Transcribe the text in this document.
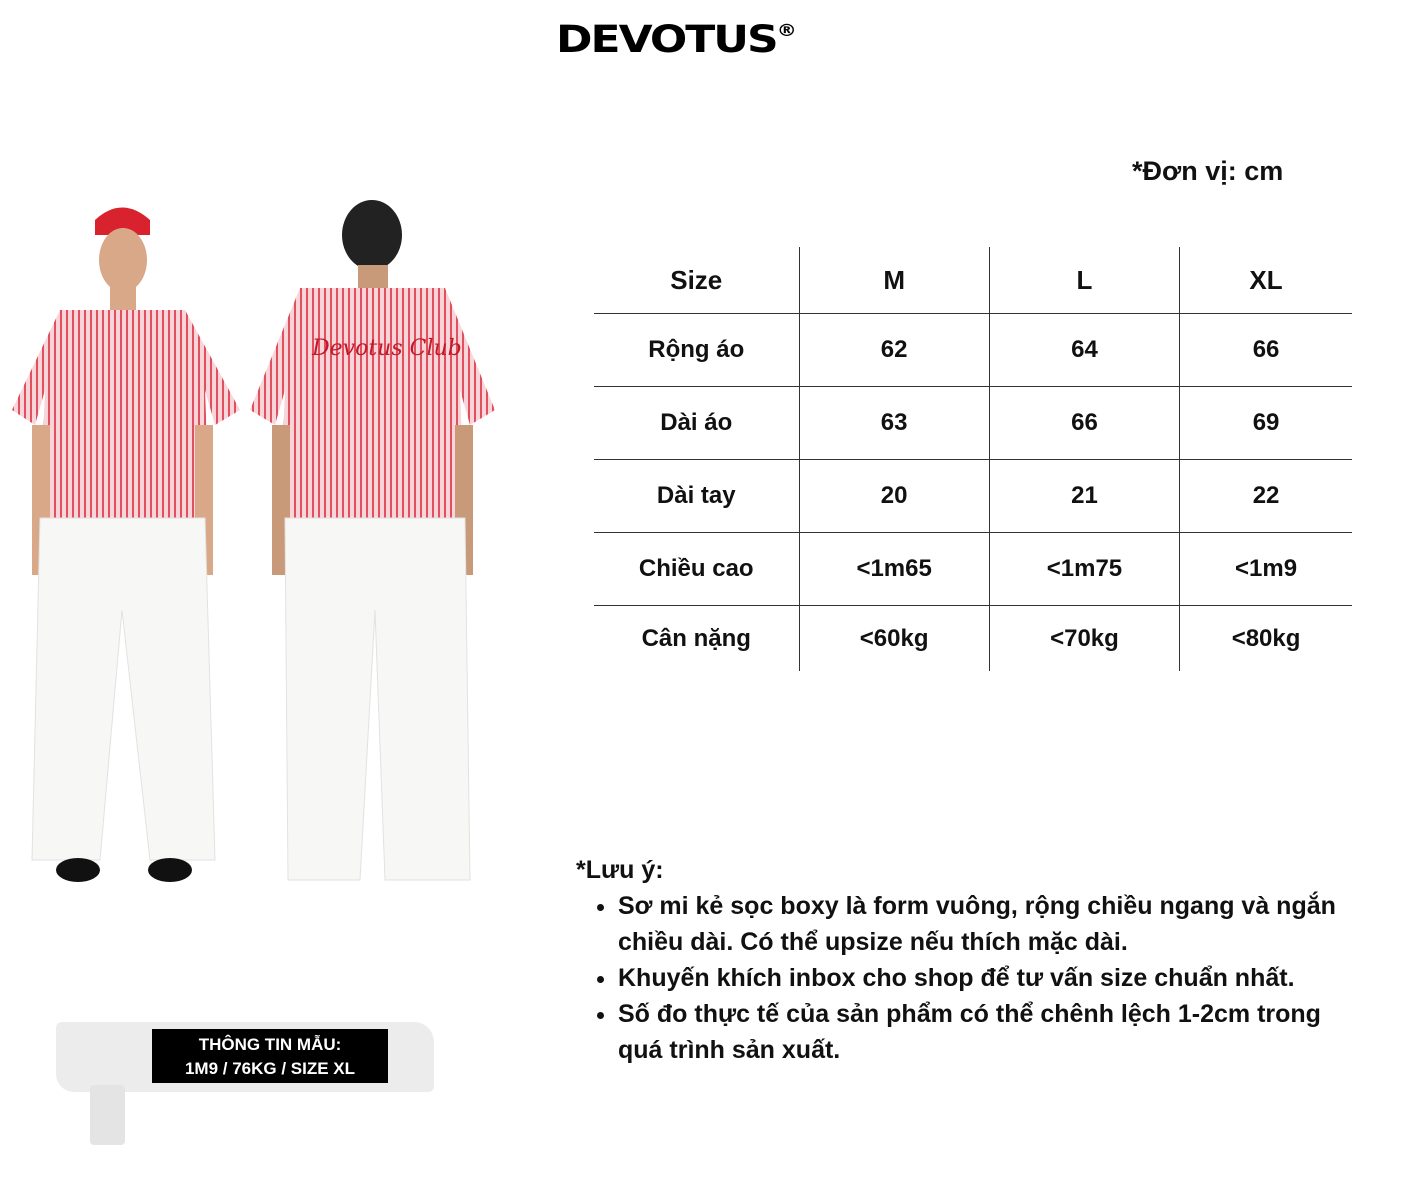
DEVOTUS®
*Đơn vị: cm
Size	M	L	XL
Rộng áo	62	64	66
Dài áo	63	66	69
Dài tay	20	21	22
Chiều cao	<1m65	<1m75	<1m9
Cân nặng	<60kg	<70kg	<80kg
*Lưu ý:
• Sơ mi kẻ sọc boxy là form vuông, rộng chiều ngang và ngắn chiều dài. Có thể upsize nếu thích mặc dài.
• Khuyến khích inbox cho shop để tư vấn size chuẩn nhất.
• Số đo thực tế của sản phẩm có thể chênh lệch 1-2cm trong quá trình sản xuất.
Devotus Club
THÔNG TIN MẪU:
1M9 / 76KG / SIZE XL
